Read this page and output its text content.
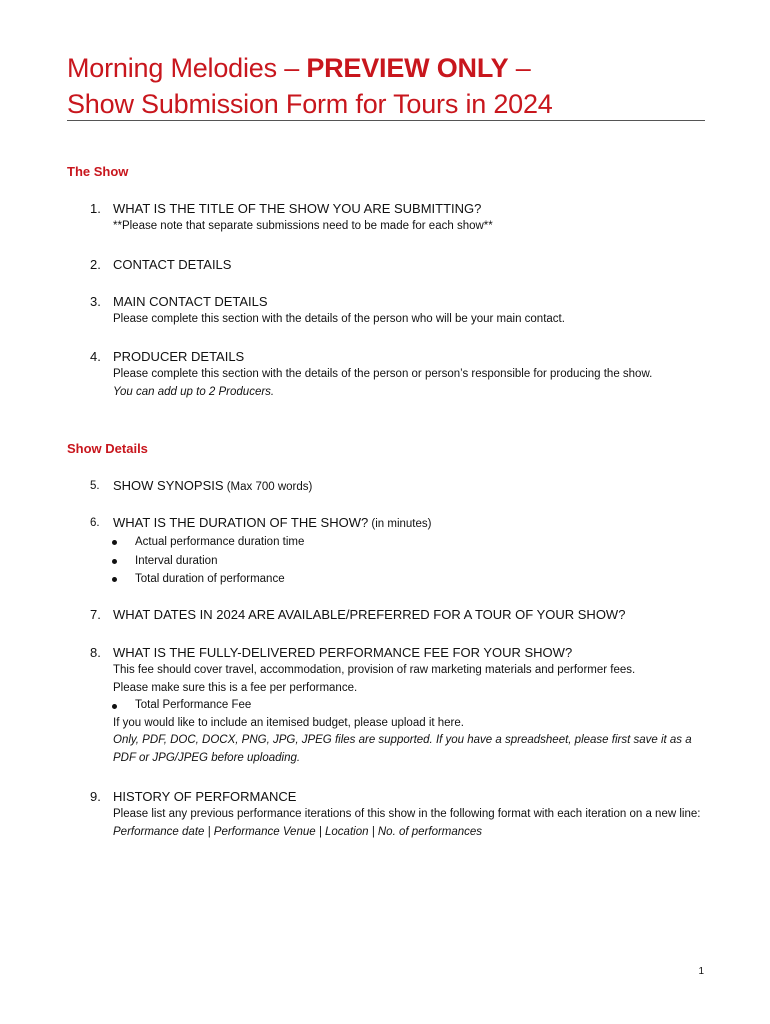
Morning Melodies – PREVIEW ONLY –
Show Submission Form for Tours in 2024
The Show
1. WHAT IS THE TITLE OF THE SHOW YOU ARE SUBMITTING?
**Please note that separate submissions need to be made for each show**
2. CONTACT DETAILS
3. MAIN CONTACT DETAILS
Please complete this section with the details of the person who will be your main contact.
4. PRODUCER DETAILS
Please complete this section with the details of the person or person’s responsible for producing the show.
You can add up to 2 Producers.
Show Details
5. SHOW SYNOPSIS (Max 700 words)
6. WHAT IS THE DURATION OF THE SHOW? (in minutes)
Actual performance duration time
Interval duration
Total duration of performance
7. WHAT DATES IN 2024 ARE AVAILABLE/PREFERRED FOR A TOUR OF YOUR SHOW?
8. WHAT IS THE FULLY-DELIVERED PERFORMANCE FEE FOR YOUR SHOW?
This fee should cover travel, accommodation, provision of raw marketing materials and performer fees.
Please make sure this is a fee per performance.
Total Performance Fee
If you would like to include an itemised budget, please upload it here.
Only, PDF, DOC, DOCX, PNG, JPG, JPEG files are supported. If you have a spreadsheet, please first save it as a PDF or JPG/JPEG before uploading.
9. HISTORY OF PERFORMANCE
Please list any previous performance iterations of this show in the following format with each iteration on a new line:
Performance date | Performance Venue | Location | No. of performances
1
